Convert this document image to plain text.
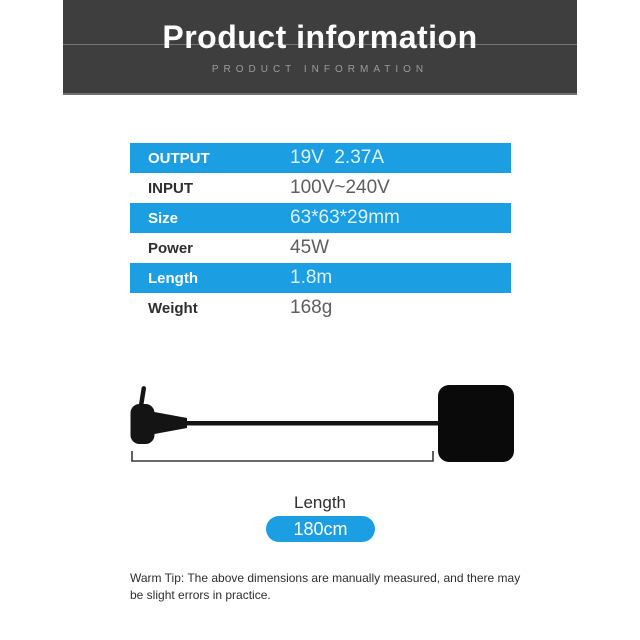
Product information
PRODUCT INFORMATION
OUTPUT	19V  2.37A
INPUT	100V~240V
Size	63*63*29mm
Power	45W
Length	1.8m
Weight	168g
Length
180cm
Warm Tip: The above dimensions are manually measured, and there may
be slight errors in practice.
